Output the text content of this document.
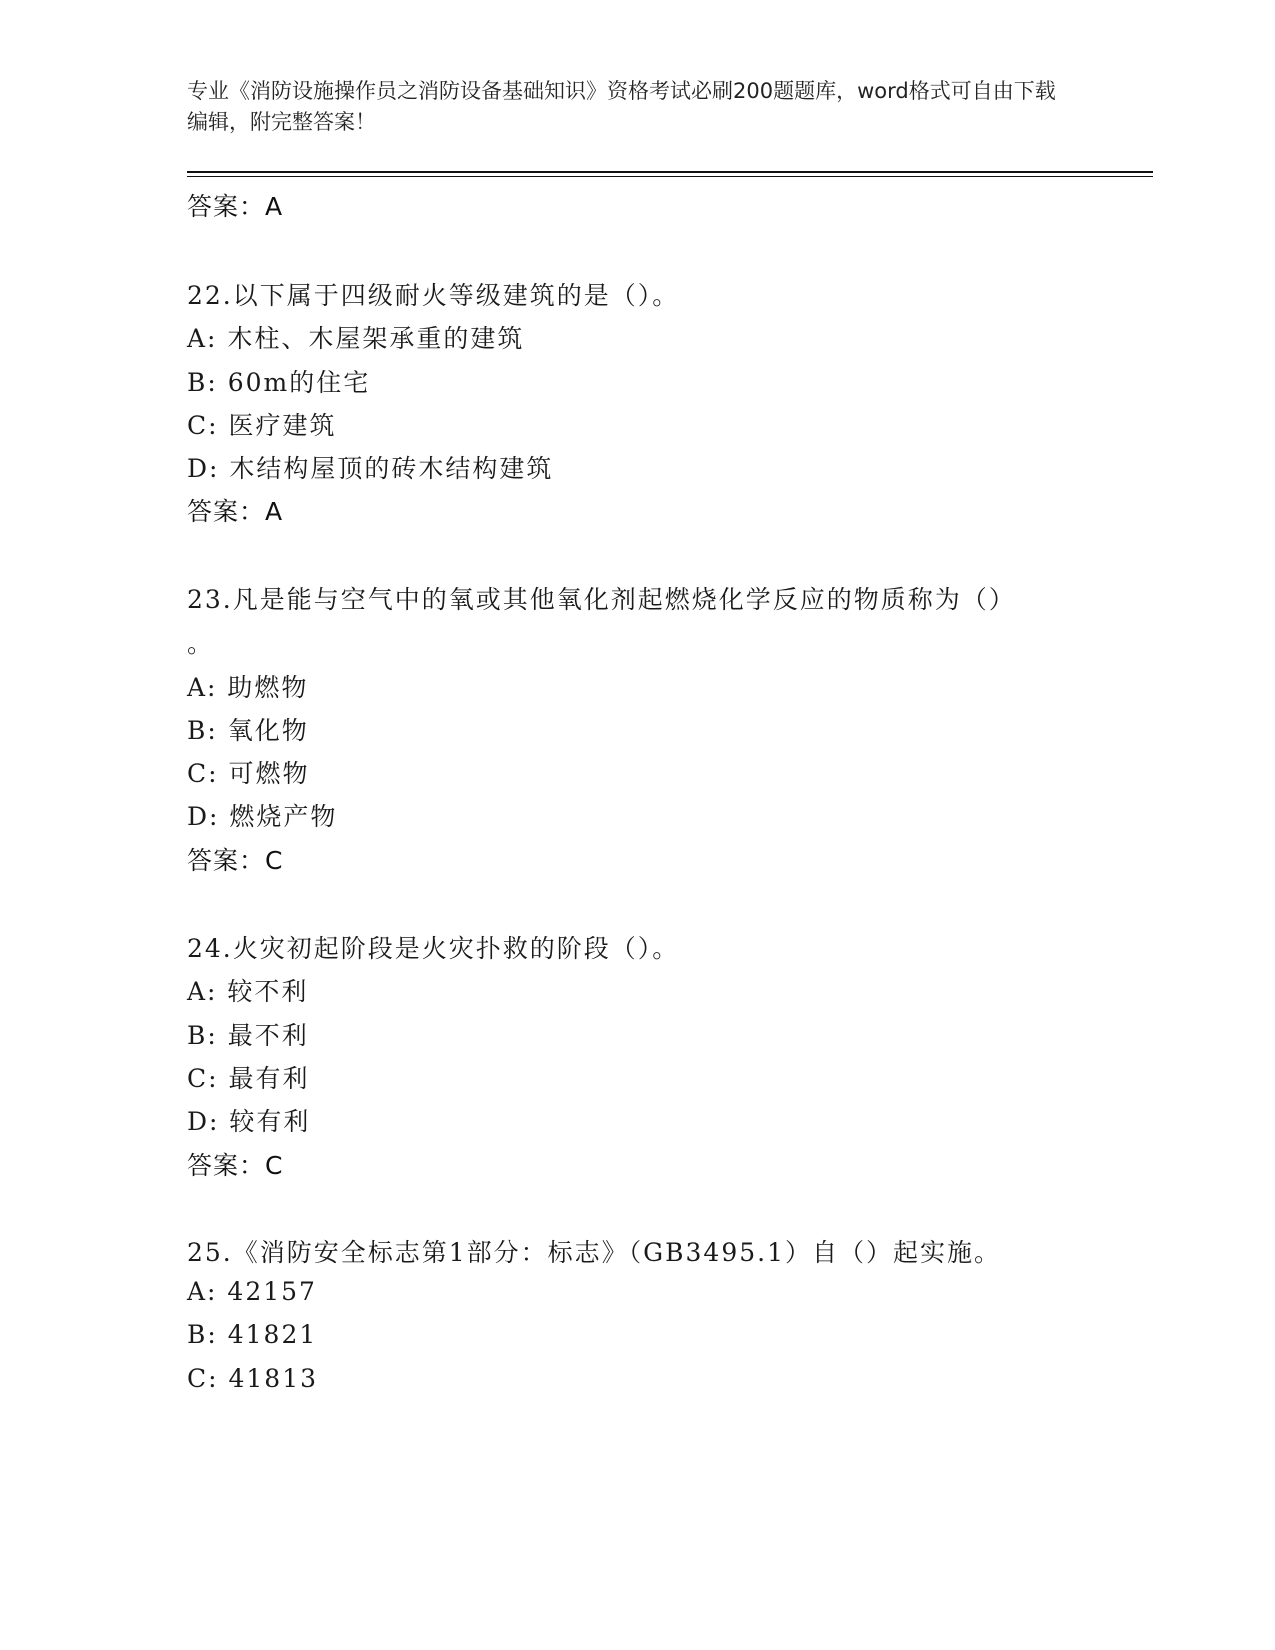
专业《消防设施操作员之消防设备基础知识》资格考试必刷200题题库，word格式可自由下载编辑，附完整答案！
答案：A
22.以下属于四级耐火等级建筑的是（）。
A: 木柱、木屋架承重的建筑
B: 60m的住宅
C: 医疗建筑
D: 木结构屋顶的砖木结构建筑
答案：A
23.凡是能与空气中的氧或其他氧化剂起燃烧化学反应的物质称为（）
。
A: 助燃物
B: 氧化物
C: 可燃物
D: 燃烧产物
答案：C
24.火灾初起阶段是火灾扑救的阶段（）。
A: 较不利
B: 最不利
C: 最有利
D: 较有利
答案：C
25.《消防安全标志第1部分：标志》（GB3495.1）自（）起实施。
A: 42157
B: 41821
C: 41813
